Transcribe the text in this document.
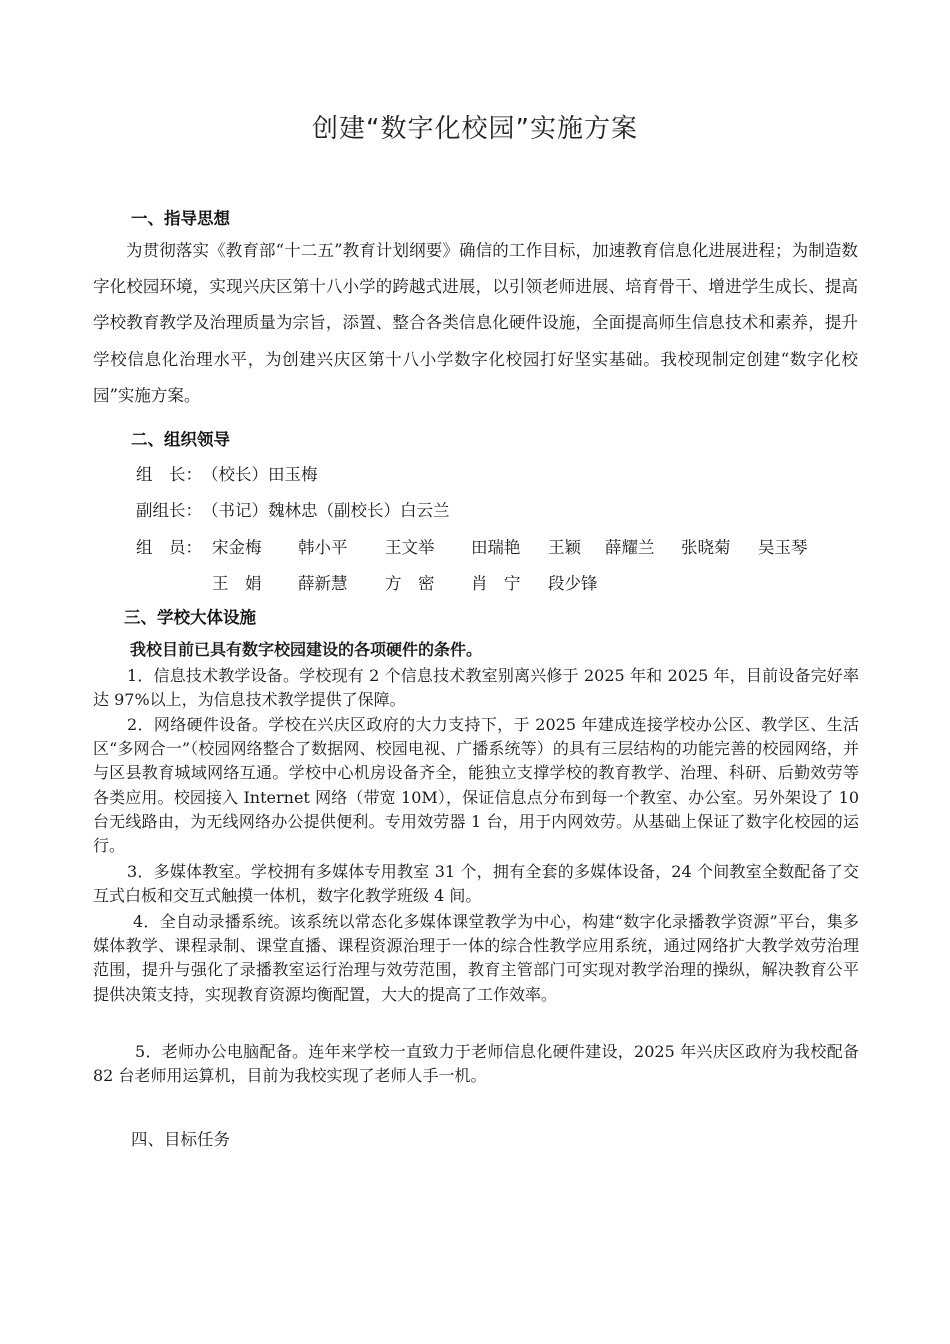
创建“数字化校园”实施方案
一、指导思想

为贯彻落实《教育部“十二五”教育计划纲要》确信的工作目标，加速教育信息化进展进程；为制造数字化校园环境，实现兴庆区第十八小学的跨越式进展，以引领老师进展、培育骨干、增进学生成长、提高学校教育教学及治理质量为宗旨，添置、整合各类信息化硬件设施，全面提高师生信息技术和素养，提升学校信息化治理水平，为创建兴庆区第十八小学数字化校园打好坚实基础。我校现制定创建“数字化校园”实施方案。

二、组织领导
组　长：（校长）田玉梅
副组长：（书记）魏林忠（副校长）白云兰
组　员： 宋金梅 韩小平 王文举 田瑞艳 王颖 薛耀兰 张晓菊 吴玉琴
王　娟 薛新慧 方　密 肖　宁 段少锋
三、学校大体设施
我校目前已具有数字校园建设的各项硬件的条件。

1．信息技术教学设备。学校现有 2 个信息技术教室别离兴修于 2025 年和 2025 年，目前设备完好率达 97%以上，为信息技术教学提供了保障。

2．网络硬件设备。学校在兴庆区政府的大力支持下，于 2025 年建成连接学校办公区、教学区、生活区“多网合一”（校园网络整合了数据网、校园电视、广播系统等）的具有三层结构的功能完善的校园网络，并与区县教育城域网络互通。学校中心机房设备齐全，能独立支撑学校的教育教学、治理、科研、后勤效劳等各类应用。校园接入 Internet 网络（带宽 10M），保证信息点分布到每一个教室、办公室。另外架设了 10 台无线路由，为无线网络办公提供便利。专用效劳器 1 台，用于内网效劳。从基础上保证了数字化校园的运行。

3．多媒体教室。学校拥有多媒体专用教室 31 个，拥有全套的多媒体设备，24 个间教室全数配备了交互式白板和交互式触摸一体机，数字化教学班级 4 间。

4．全自动录播系统。该系统以常态化多媒体课堂教学为中心，构建“数字化录播教学资源”平台，集多媒体教学、课程录制、课堂直播、课程资源治理于一体的综合性教学应用系统，通过网络扩大教学效劳治理范围，提升与强化了录播教室运行治理与效劳范围，教育主管部门可实现对教学治理的操纵，解决教育公平提供决策支持，实现教育资源均衡配置，大大的提高了工作效率。

5．老师办公电脑配备。连年来学校一直致力于老师信息化硬件建设，2025 年兴庆区政府为我校配备 82 台老师用运算机，目前为我校实现了老师人手一机。

四、目标任务
